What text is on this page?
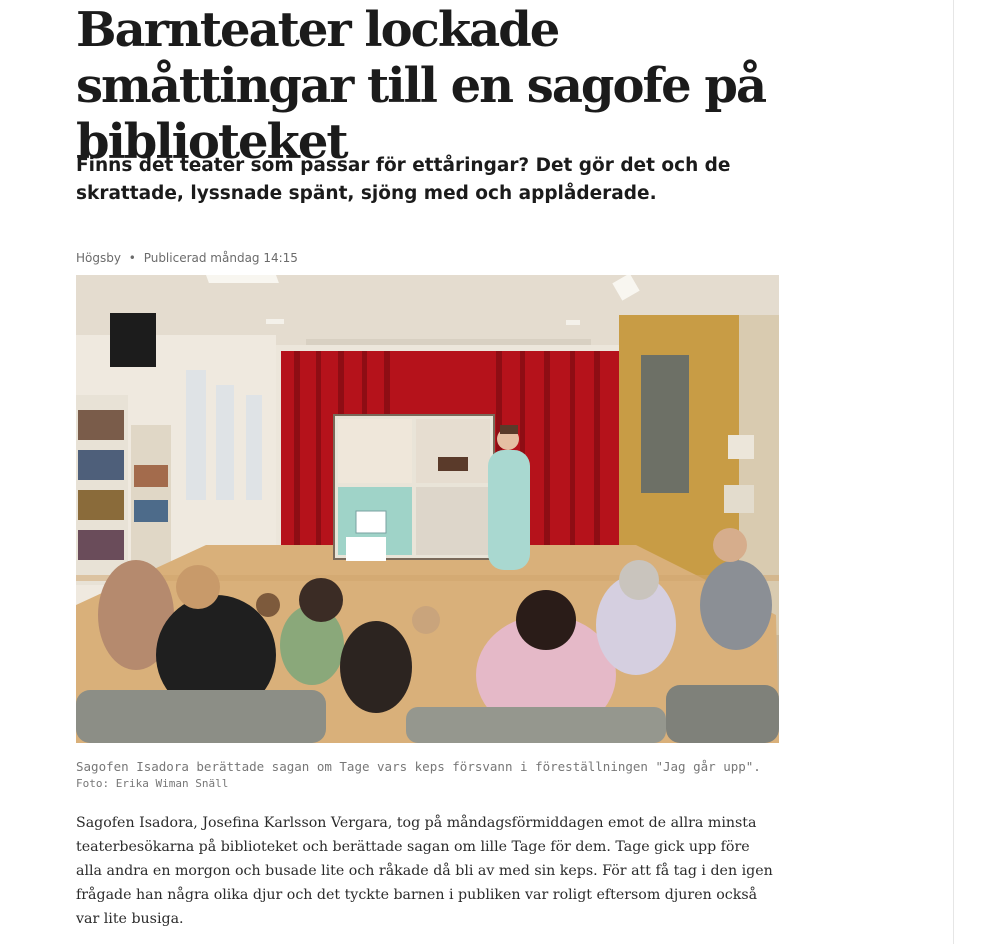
Barnteater lockade småttingar till en sagofe på biblioteket

Finns det teater som passar för ettåringar? Det gör det och de skrattade, lyssnade spänt, sjöng med och applåderade.

Högsby • Publicerad måndag 14:15
Sagofen Isadora berättade sagan om Tage vars keps försvann i föreställningen "Jag går upp".
Foto: Erika Wiman Snäll

Sagofen Isadora, Josefina Karlsson Vergara, tog på måndagsförmiddagen emot de allra minsta teaterbesökarna på biblioteket och berättade sagan om lille Tage för dem. Tage gick upp före alla andra en morgon och busade lite och råkade då bli av med sin keps. För att få tag i den igen frågade han några olika djur och det tyckte barnen i publiken var roligt eftersom djuren också var lite busiga.
